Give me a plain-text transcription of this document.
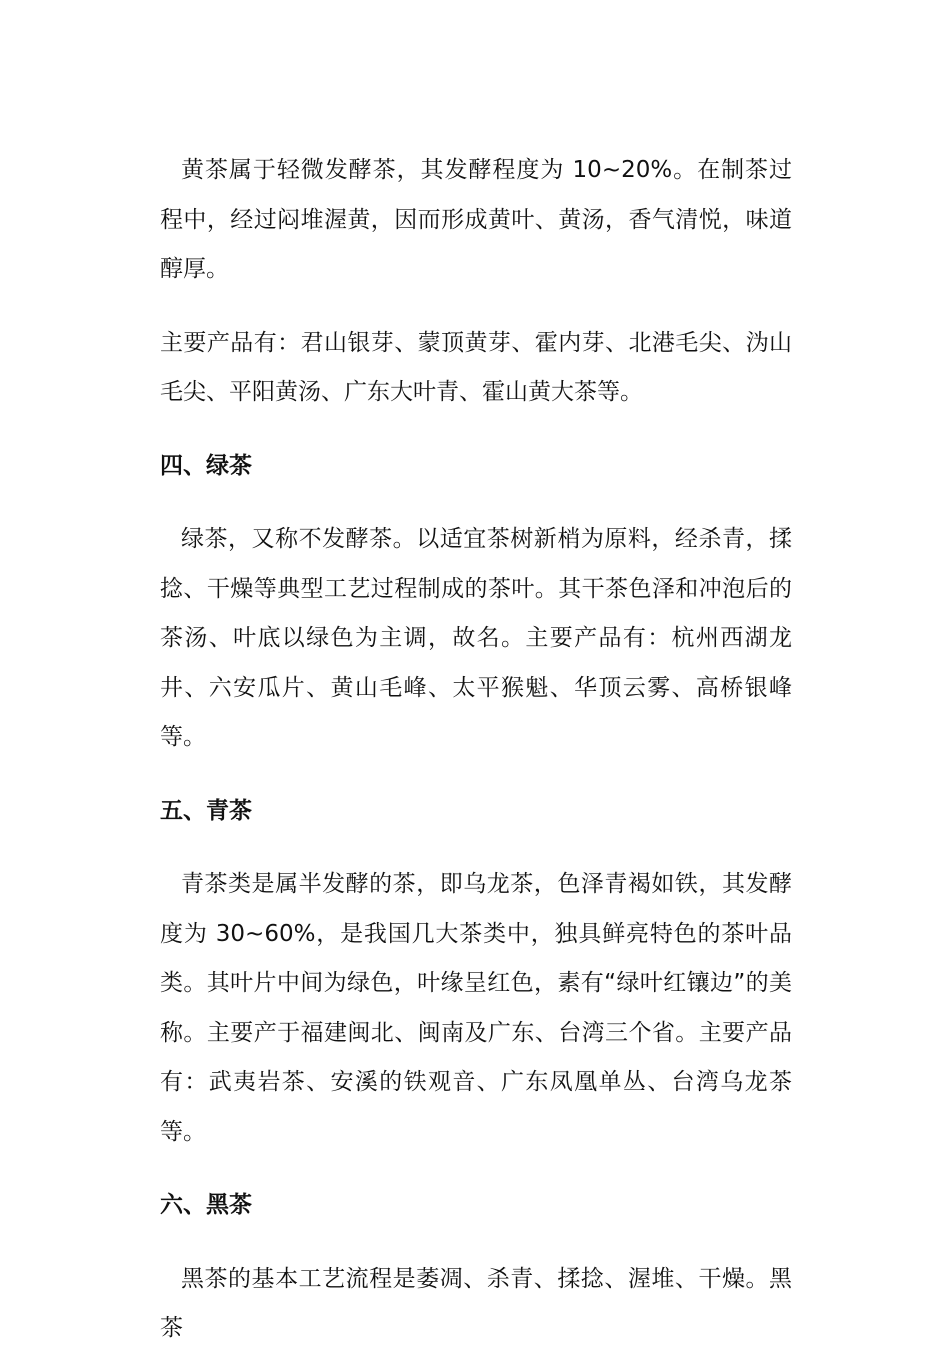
黄茶属于轻微发酵茶，其发酵程度为 10~20%。在制茶过程中，经过闷堆渥黄，因而形成黄叶、黄汤，香气清悦，味道醇厚。

主要产品有：君山银芽、蒙顶黄芽、霍内芽、北港毛尖、沩山毛尖、平阳黄汤、广东大叶青、霍山黄大茶等。

四、绿茶

绿茶，又称不发酵茶。以适宜茶树新梢为原料，经杀青，揉捻、干燥等典型工艺过程制成的茶叶。其干茶色泽和冲泡后的茶汤、叶底以绿色为主调，故名。主要产品有：杭州西湖龙井、六安瓜片、黄山毛峰、太平猴魁、华顶云雾、高桥银峰等。

五、青茶

青茶类是属半发酵的茶，即乌龙茶，色泽青褐如铁，其发酵度为 30~60%，是我国几大茶类中，独具鲜亮特色的茶叶品类。其叶片中间为绿色，叶缘呈红色，素有“绿叶红镶边”的美称。主要产于福建闽北、闽南及广东、台湾三个省。主要产品有：武夷岩茶、安溪的铁观音、广东凤凰单丛、台湾乌龙茶等。

六、黑茶

黑茶的基本工艺流程是萎凋、杀青、揉捻、渥堆、干燥。黑茶
